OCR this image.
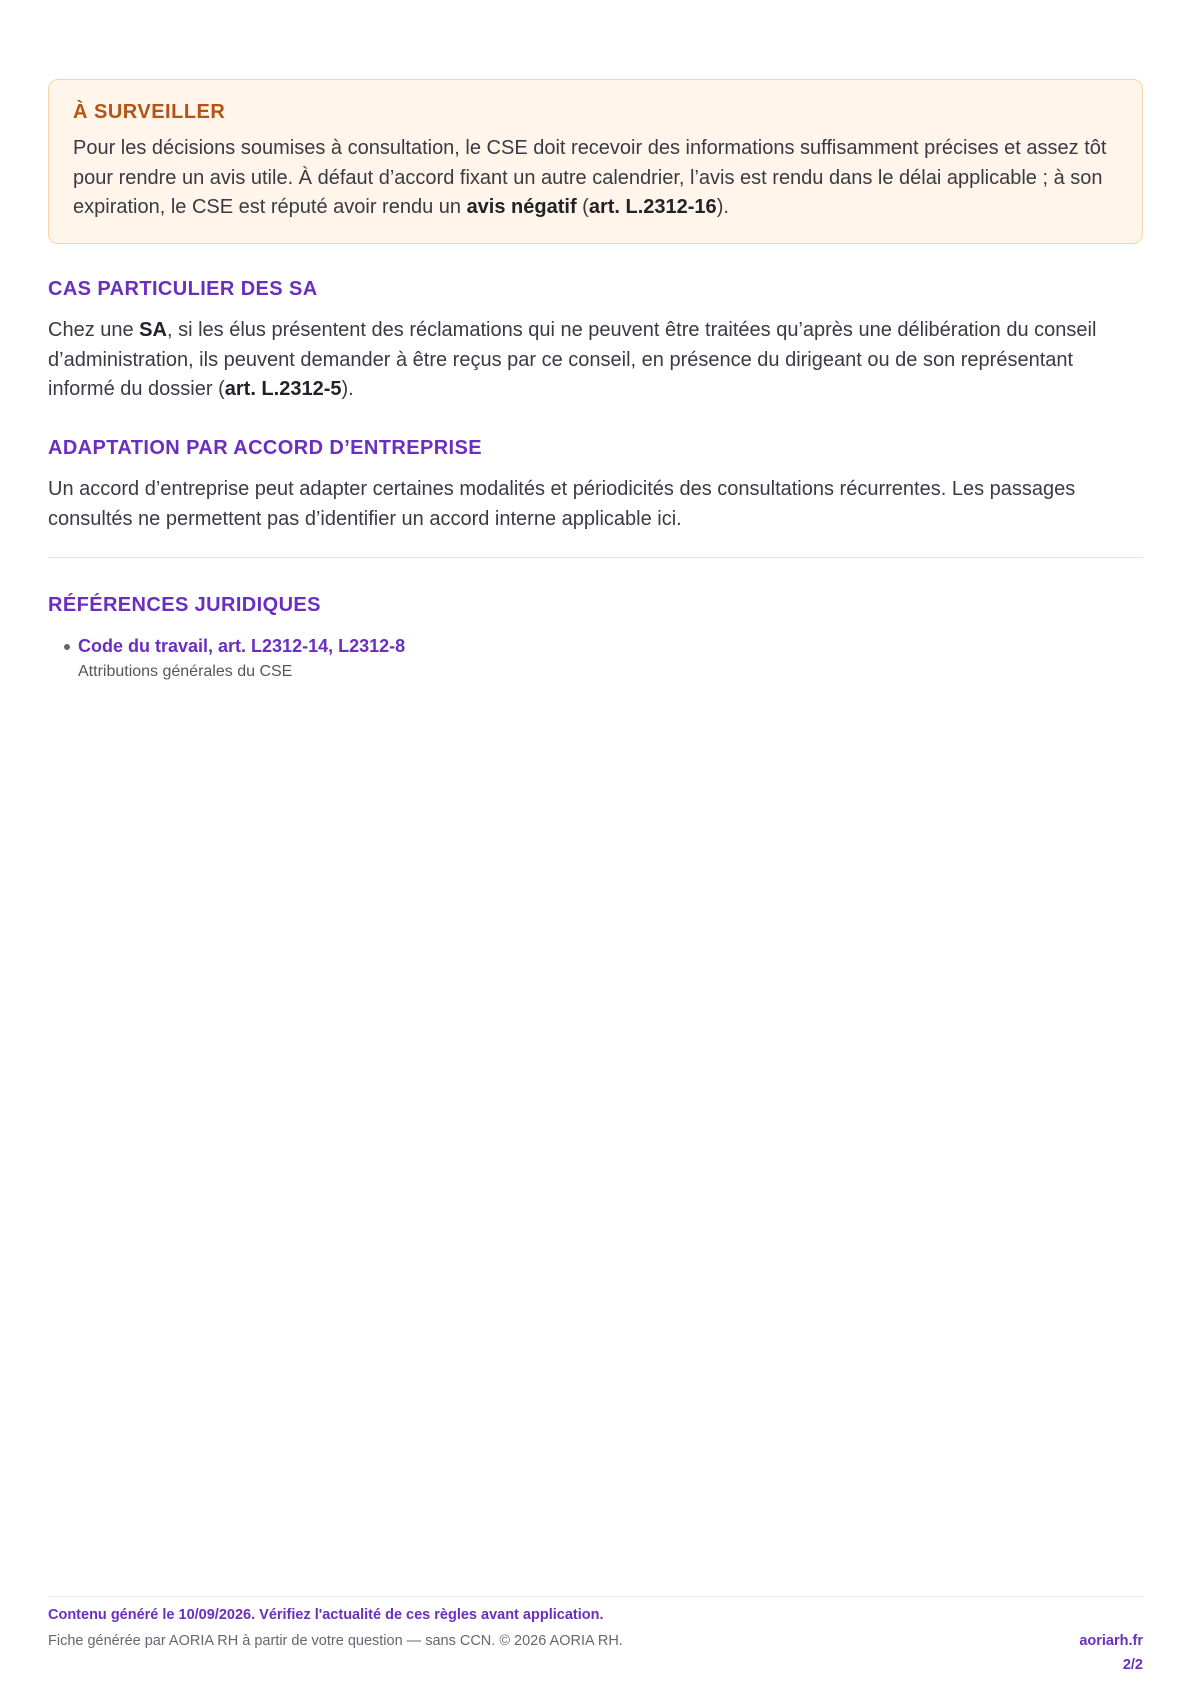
À SURVEILLER

Pour les décisions soumises à consultation, le CSE doit recevoir des informations suffisamment précises et assez tôt pour rendre un avis utile. À défaut d’accord fixant un autre calendrier, l’avis est rendu dans le délai applicable ; à son expiration, le CSE est réputé avoir rendu un avis négatif (art. L.2312-16).

CAS PARTICULIER DES SA

Chez une SA, si les élus présentent des réclamations qui ne peuvent être traitées qu’après une délibération du conseil d’administration, ils peuvent demander à être reçus par ce conseil, en présence du dirigeant ou de son représentant informé du dossier (art. L.2312-5).

ADAPTATION PAR ACCORD D’ENTREPRISE

Un accord d’entreprise peut adapter certaines modalités et périodicités des consultations récurrentes. Les passages consultés ne permettent pas d’identifier un accord interne applicable ici.

RÉFÉRENCES JURIDIQUES
Code du travail, art. L2312-14, L2312-8
Attributions générales du CSE
Contenu généré le 10/09/2026. Vérifiez l'actualité de ces règles avant application.
Fiche générée par AORIA RH à partir de votre question — sans CCN. © 2026 AORIA RH.	aoriarh.fr
2/2
